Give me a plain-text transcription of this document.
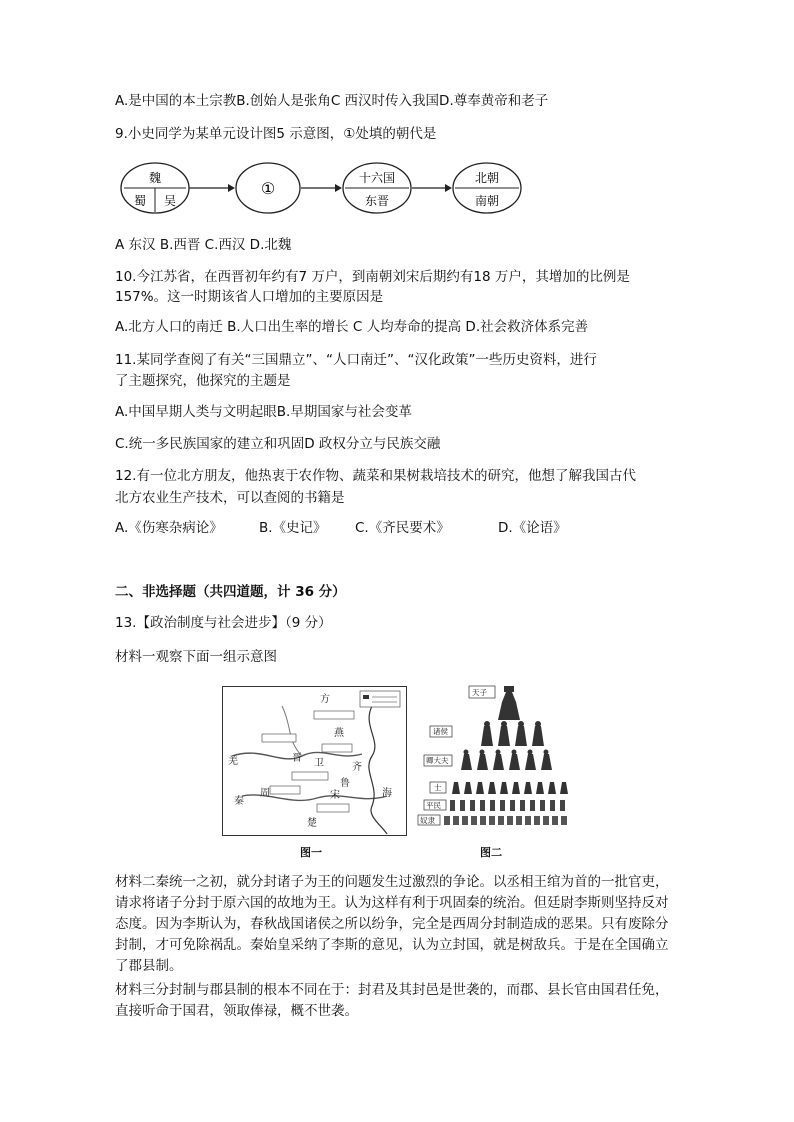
A.是中国的本土宗教B.创始人是张角C 西汉时传入我国D.尊奉黄帝和老子
9.小史同学为某单元设计图5 示意图，①处填的朝代是
魏
蜀 吴
①
十六国
东晋
北朝
南朝
A 东汉 B.西晋 C.西汉 D.北魏
10.今江苏省，在西晋初年约有7 万户，到南朝刘宋后期约有18 万户，其增加的比例是
157%。这一时期该省人口增加的主要原因是
A.北方人口的南迁 B.人口出生率的增长 C 人均寿命的提高 D.社会救济体系完善
11.某同学查阅了有关“三国鼎立”、“人口南迁”、“汉化政策”一些历史资料，进行
了主题探究，他探究的主题是
A.中国早期人类与文明起眼B.早期国家与社会变革
C.统一多民族国家的建立和巩固D 政权分立与民族交融
12.有一位北方朋友，他热衷于农作物、蔬菜和果树栽培技术的研究，他想了解我国古代
北方农业生产技术，可以查阅的书籍是
A.《伤寒杂病论》	B.《史记》 C.《齐民要术》	D.《论语》
二、非选择题（共四道题，计 36 分）
13.【政治制度与社会进步】（9 分）
材料一观察下面一组示意图
方
燕
齐
鲁
秦
周
楚
羌
海
晋 卫
宋
图一
天子
诸侯
卿大夫
士
平民
奴隶
图二
材料二秦统一之初，就分封诸子为王的问题发生过激烈的争论。以丞相王绾为首的一批官吏，请求将诸子分封于原六国的故地为王。认为这样有利于巩固秦的统治。但廷尉李斯则坚持反对态度。因为李斯认为，春秋战国诸侯之所以纷争，完全是西周分封制造成的恶果。只有废除分封制，才可免除祸乱。秦始皇采纳了李斯的意见，认为立封国，就是树敌兵。于是在全国确立了郡县制。
材料三分封制与郡县制的根本不同在于：封君及其封邑是世袭的，而郡、县长官由国君任免，直接听命于国君，领取俸禄，概不世袭。
